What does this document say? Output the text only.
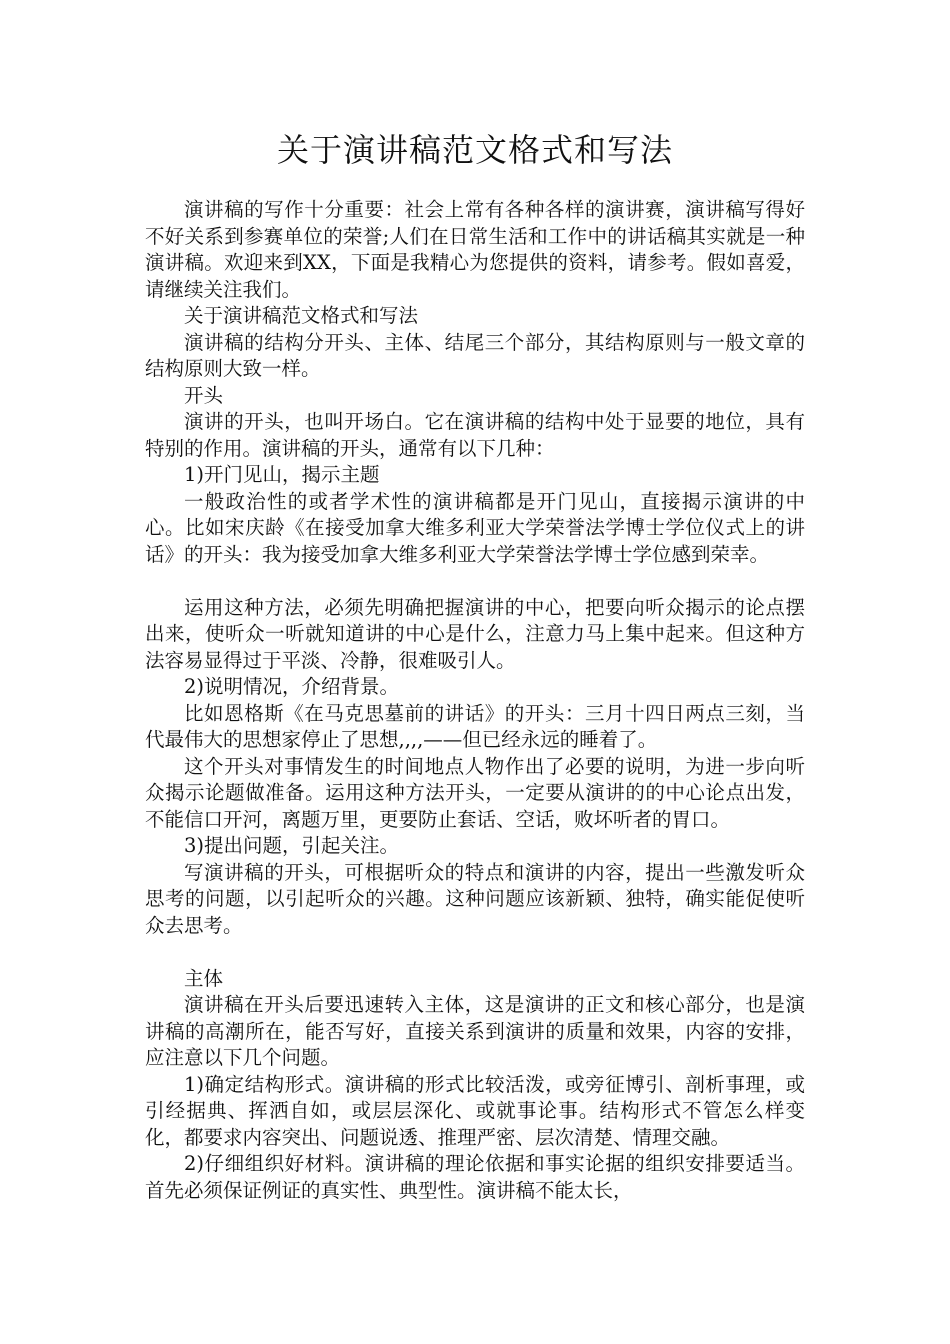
关于演讲稿范文格式和写法

演讲稿的写作十分重要：社会上常有各种各样的演讲赛，演讲稿写得好不好关系到参赛单位的荣誉;人们在日常生活和工作中的讲话稿其实就是一种演讲稿。欢迎来到XX，下面是我精心为您提供的资料，请参考。假如喜爱，请继续关注我们。

关于演讲稿范文格式和写法

演讲稿的结构分开头、主体、结尾三个部分，其结构原则与一般文章的结构原则大致一样。

开头

演讲的开头，也叫开场白。它在演讲稿的结构中处于显要的地位，具有特别的作用。演讲稿的开头，通常有以下几种：

1)开门见山，揭示主题

一般政治性的或者学术性的演讲稿都是开门见山，直接揭示演讲的中心。比如宋庆龄《在接受加拿大维多利亚大学荣誉法学博士学位仪式上的讲话》的开头：我为接受加拿大维多利亚大学荣誉法学博士学位感到荣幸。

运用这种方法，必须先明确把握演讲的中心，把要向听众揭示的论点摆出来，使听众一听就知道讲的中心是什么，注意力马上集中起来。但这种方法容易显得过于平淡、冷静，很难吸引人。

2)说明情况，介绍背景。

比如恩格斯《在马克思墓前的讲话》的开头：三月十四日两点三刻，当代最伟大的思想家停止了思想,,,,——但已经永远的睡着了。

这个开头对事情发生的时间地点人物作出了必要的说明，为进一步向听众揭示论题做准备。运用这种方法开头，一定要从演讲的的中心论点出发，不能信口开河，离题万里，更要防止套话、空话，败坏听者的胃口。

3)提出问题，引起关注。

写演讲稿的开头，可根据听众的特点和演讲的内容，提出一些激发听众思考的问题，以引起听众的兴趣。这种问题应该新颖、独特，确实能促使听众去思考。

主体

演讲稿在开头后要迅速转入主体，这是演讲的正文和核心部分，也是演讲稿的高潮所在，能否写好，直接关系到演讲的质量和效果，内容的安排，应注意以下几个问题。

1)确定结构形式。演讲稿的形式比较活泼，或旁征博引、剖析事理，或引经据典、挥洒自如，或层层深化、或就事论事。结构形式不管怎么样变化，都要求内容突出、问题说透、推理严密、层次清楚、情理交融。

2)仔细组织好材料。演讲稿的理论依据和事实论据的组织安排要适当。首先必须保证例证的真实性、典型性。演讲稿不能太长，
